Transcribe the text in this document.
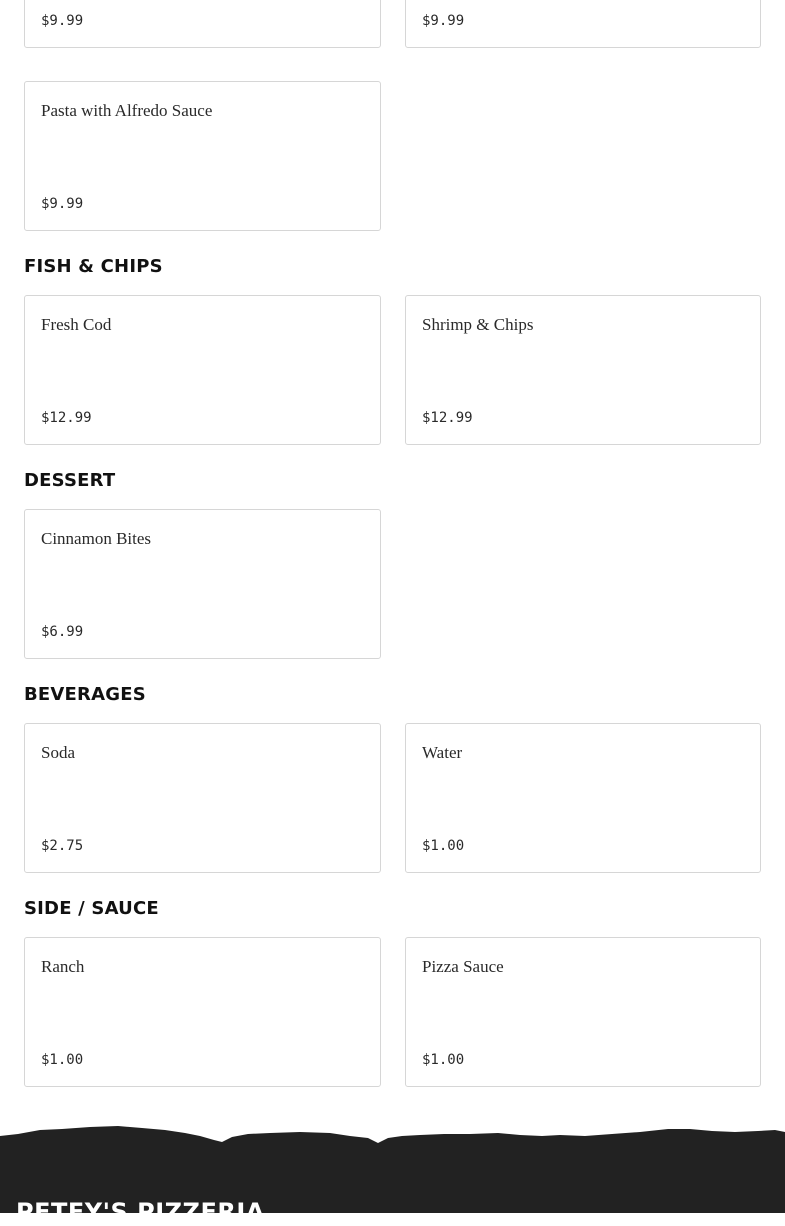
$9.99	$9.99
Pasta with Alfredo Sauce
$9.99
FISH & CHIPS
Fresh Cod
$12.99
Shrimp & Chips
$12.99
DESSERT
Cinnamon Bites
$6.99
BEVERAGES
Soda
$2.75
Water
$1.00
SIDE / SAUCE
Ranch
$1.00
Pizza Sauce
$1.00
PETEY'S PIZZERIA
